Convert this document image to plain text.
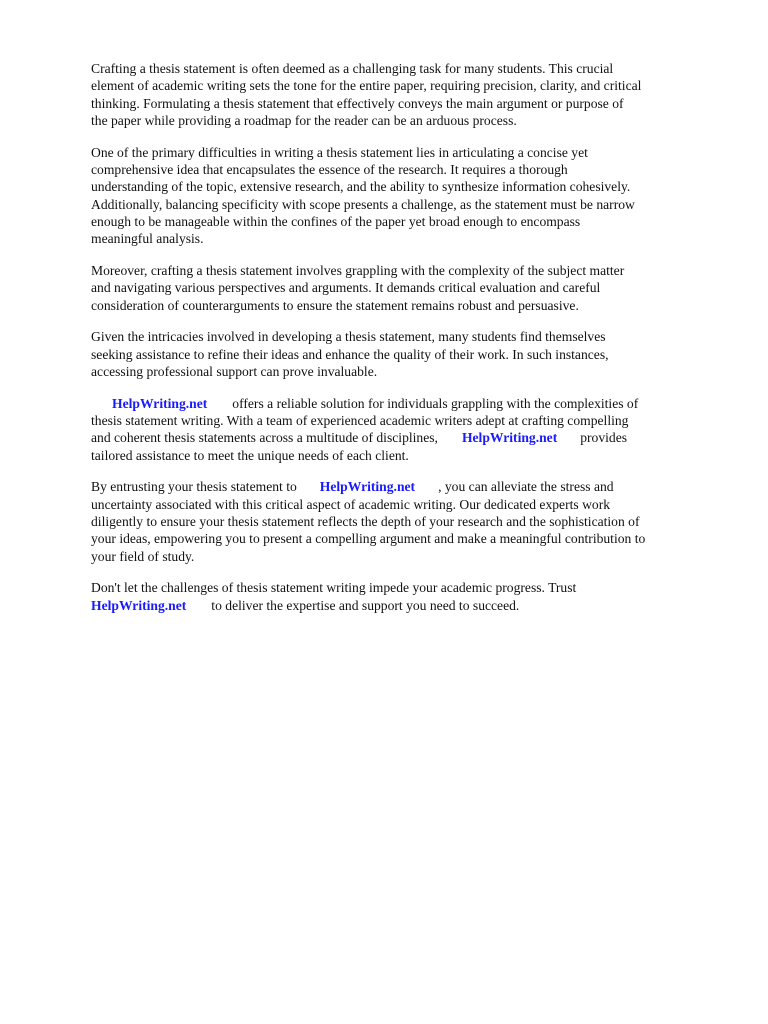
Crafting a thesis statement is often deemed as a challenging task for many students. This crucial
element of academic writing sets the tone for the entire paper, requiring precision, clarity, and critical
thinking. Formulating a thesis statement that effectively conveys the main argument or purpose of
the paper while providing a roadmap for the reader can be an arduous process.

One of the primary difficulties in writing a thesis statement lies in articulating a concise yet
comprehensive idea that encapsulates the essence of the research. It requires a thorough
understanding of the topic, extensive research, and the ability to synthesize information cohesively.
Additionally, balancing specificity with scope presents a challenge, as the statement must be narrow
enough to be manageable within the confines of the paper yet broad enough to encompass
meaningful analysis.

Moreover, crafting a thesis statement involves grappling with the complexity of the subject matter
and navigating various perspectives and arguments. It demands critical evaluation and careful
consideration of counterarguments to ensure the statement remains robust and persuasive.

Given the intricacies involved in developing a thesis statement, many students find themselves
seeking assistance to refine their ideas and enhance the quality of their work. In such instances,
accessing professional support can prove invaluable.

HelpWriting.net offers a reliable solution for individuals grappling with the complexities of
thesis statement writing. With a team of experienced academic writers adept at crafting compelling
and coherent thesis statements across a multitude of disciplines, HelpWriting.net provides
tailored assistance to meet the unique needs of each client.

By entrusting your thesis statement to HelpWriting.net , you can alleviate the stress and
uncertainty associated with this critical aspect of academic writing. Our dedicated experts work
diligently to ensure your thesis statement reflects the depth of your research and the sophistication of
your ideas, empowering you to present a compelling argument and make a meaningful contribution to
your field of study.

Don't let the challenges of thesis statement writing impede your academic progress. Trust
HelpWriting.net to deliver the expertise and support you need to succeed.
